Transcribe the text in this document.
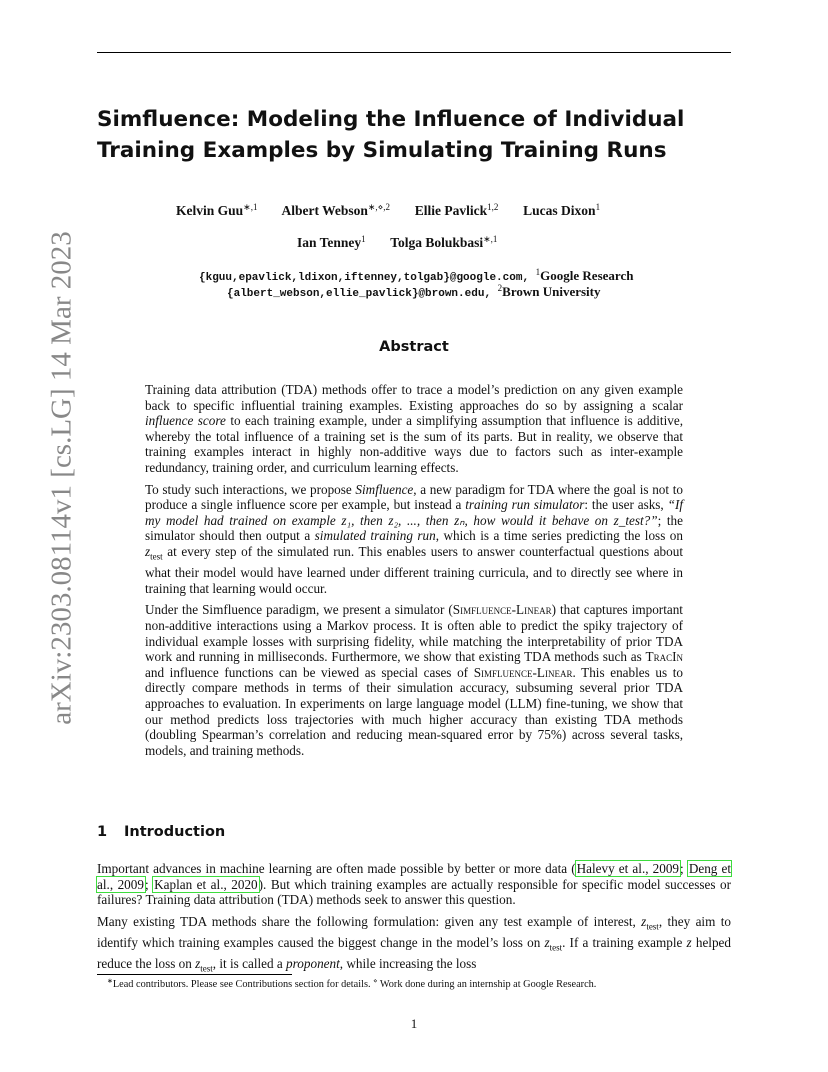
arXiv:2303.08114v1 [cs.LG] 14 Mar 2023
Simfluence: Modeling the Influence of Individual
Training Examples by Simulating Training Runs
Kelvin Guu$^{∗,1}$ Albert Webson$^{∗,⋄,2}$ Ellie Pavlick$^{1,2}$ Lucas Dixon$^1$
Ian Tenney$^1$ Tolga Bolukbasi$^{∗,1}$
{kguu,epavlick,ldixon,iftenney,tolgab}@google.com, $^1$Google Research
{albert_webson,ellie_pavlick}@brown.edu, $^2$Brown University
Abstract

Training data attribution (TDA) methods offer to trace a model’s prediction on any given example back to specific influential training examples. Existing approaches do so by assigning a scalar influence score to each training example, under a simplifying assumption that influence is additive, whereby the total influence of a training set is the sum of its parts. But in reality, we observe that training examples interact in highly non-additive ways due to factors such as inter-example redundancy, training order, and curriculum learning effects.

To study such interactions, we propose Simfluence, a new paradigm for TDA where the goal is not to produce a single influence score per example, but instead a training run simulator: the user asks, “If my model had trained on example z₁, then z₂, ..., then zₙ, how would it behave on z_test?”; the simulator should then output a simulated training run, which is a time series predicting the loss on $z_{test}$ at every step of the simulated run. This enables users to answer counterfactual questions about what their model would have learned under different training curricula, and to directly see where in training that learning would occur.

Under the Simfluence paradigm, we present a simulator (Simfluence-Linear) that captures important non-additive interactions using a Markov process. It is often able to predict the spiky trajectory of individual example losses with surprising fidelity, while matching the interpretability of prior TDA work and running in milliseconds. Furthermore, we show that existing TDA methods such as TracIn and influence functions can be viewed as special cases of Simfluence-Linear. This enables us to directly compare methods in terms of their simulation accuracy, subsuming several prior TDA approaches to evaluation. In experiments on large language model (LLM) fine-tuning, we show that our method predicts loss trajectories with much higher accuracy than existing TDA methods (doubling Spearman’s correlation and reducing mean-squared error by 75%) across several tasks, models, and training methods.

1 Introduction

Important advances in machine learning are often made possible by better or more data (Halevy et al., 2009; Deng et al., 2009; Kaplan et al., 2020). But which training examples are actually responsible for specific model successes or failures? Training data attribution (TDA) methods seek to answer this question.

Many existing TDA methods share the following formulation: given any test example of interest, $z_{test}$, they aim to identify which training examples caused the biggest change in the model’s loss on $z_{test}$. If a training example z helped reduce the loss on $z_{test}$, it is called a proponent, while increasing the loss

∗Lead contributors. Please see Contributions section for details. ⋄ Work done during an internship at Google Research.
1
